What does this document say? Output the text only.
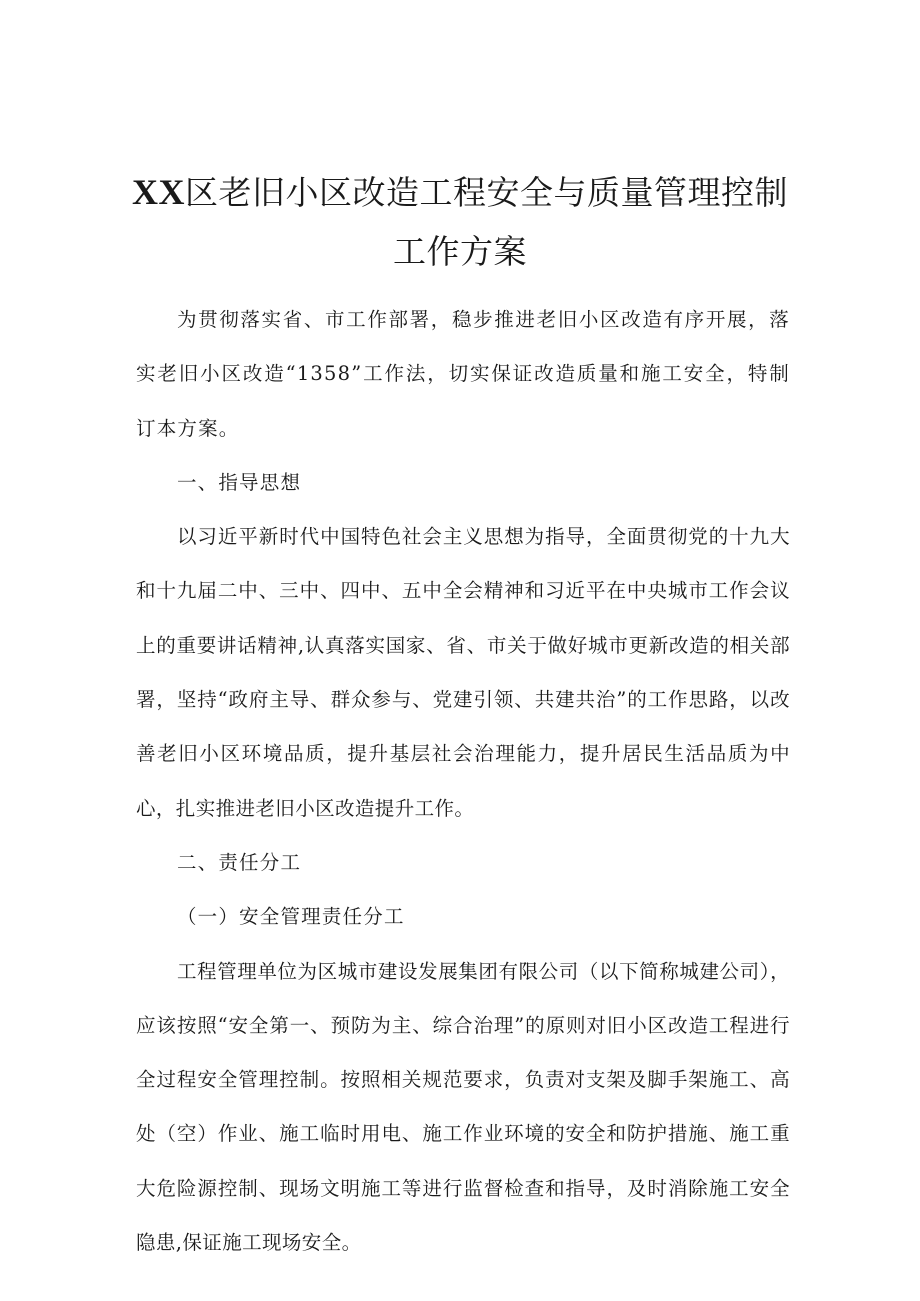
XX区老旧小区改造工程安全与质量管理控制
工作方案

为贯彻落实省、市工作部署，稳步推进老旧小区改造有序开展，落实老旧小区改造“1358”工作法，切实保证改造质量和施工安全，特制订本方案。

一、指导思想

以习近平新时代中国特色社会主义思想为指导，全面贯彻党的十九大和十九届二中、三中、四中、五中全会精神和习近平在中央城市工作会议上的重要讲话精神,认真落实国家、省、市关于做好城市更新改造的相关部署，坚持“政府主导、群众参与、党建引领、共建共治”的工作思路，以改善老旧小区环境品质，提升基层社会治理能力，提升居民生活品质为中心，扎实推进老旧小区改造提升工作。

二、责任分工

（一）安全管理责任分工

工程管理单位为区城市建设发展集团有限公司（以下简称城建公司），应该按照“安全第一、预防为主、综合治理”的原则对旧小区改造工程进行全过程安全管理控制。按照相关规范要求，负责对支架及脚手架施工、高处（空）作业、施工临时用电、施工作业环境的安全和防护措施、施工重大危险源控制、现场文明施工等进行监督检查和指导，及时消除施工安全隐患,保证施工现场安全。
